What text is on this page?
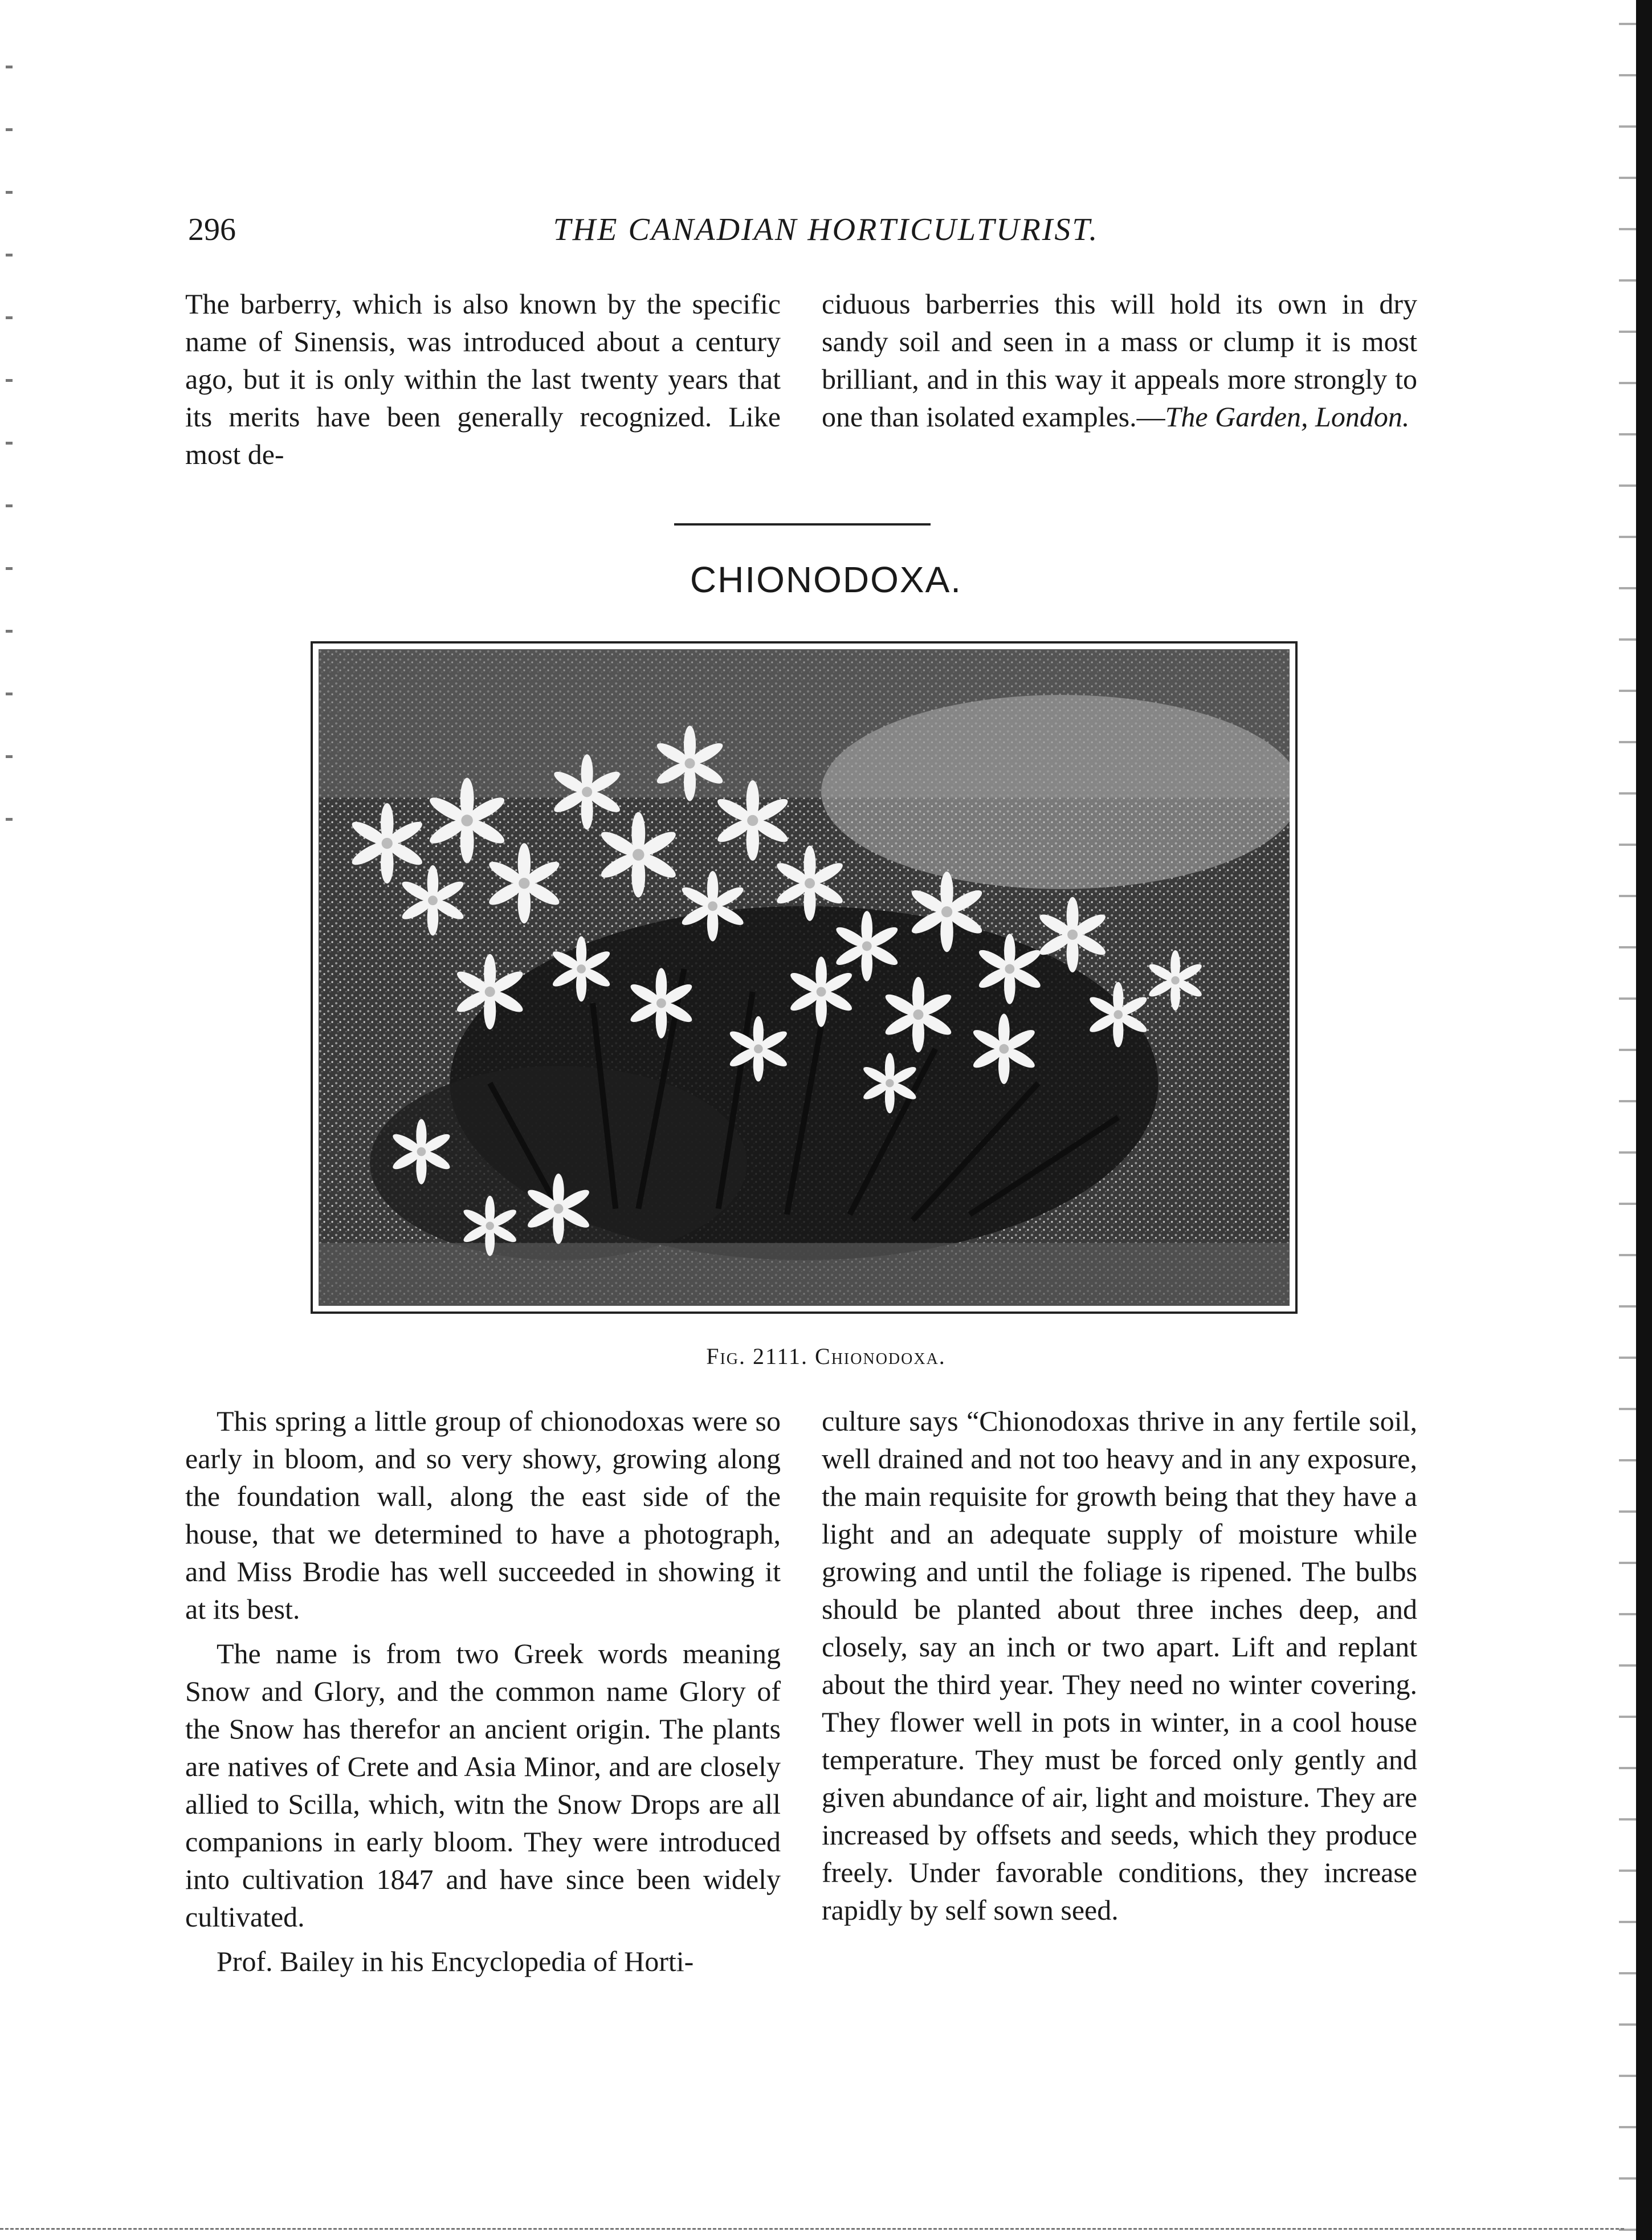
296	THE CANADIAN HORTICULTURIST.

The barberry, which is also known by the specific name of Sinensis, was introduced about a century ago, but it is only within the last twenty years that its merits have been generally recognized. Like most de-

ciduous barberries this will hold its own in dry sandy soil and seen in a mass or clump it is most brilliant, and in this way it appeals more strongly to one than isolated examples.—The Garden, London.

CHIONODOXA.
Fig. 2111. Chionodoxa.

This spring a little group of chionodoxas were so early in bloom, and so very showy, growing along the foundation wall, along the east side of the house, that we determined to have a photograph, and Miss Brodie has well succeeded in showing it at its best.

The name is from two Greek words meaning Snow and Glory, and the common name Glory of the Snow has therefor an ancient origin. The plants are natives of Crete and Asia Minor, and are closely allied to Scilla, which, witn the Snow Drops are all companions in early bloom. They were introduced into cultivation 1847 and have since been widely cultivated.

Prof. Bailey in his Encyclopedia of Horti-

culture says “Chionodoxas thrive in any fertile soil, well drained and not too heavy and in any exposure, the main requisite for growth being that they have a light and an adequate supply of moisture while growing and until the foliage is ripened. The bulbs should be planted about three inches deep, and closely, say an inch or two apart. Lift and replant about the third year. They need no winter covering. They flower well in pots in winter, in a cool house temperature. They must be forced only gently and given abundance of air, light and moisture. They are increased by offsets and seeds, which they produce freely. Under favorable conditions, they increase rapidly by self sown seed.
